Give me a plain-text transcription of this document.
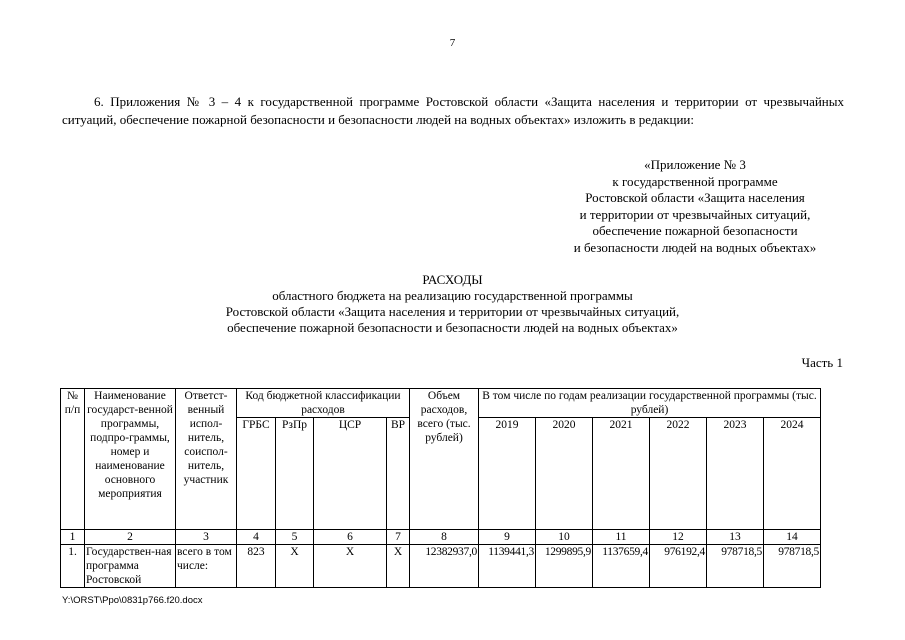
7

6. Приложения № 3 – 4 к государственной программе Ростовской области «Защита населения и территории от чрезвычайных ситуаций, обеспечение пожарной безопасности и безопасности людей на водных объектах» изложить в редакции:

«Приложение № 3
к государственной программе
Ростовской области «Защита населения
и территории от чрезвычайных ситуаций,
обеспечение пожарной безопасности
и безопасности людей на водных объектах»
РАСХОДЫ
областного бюджета на реализацию государственной программы
Ростовской области «Защита населения и территории от чрезвычайных ситуаций,
обеспечение пожарной безопасности и безопасности людей на водных объектах»
Часть 1
№ п/п	Наименование государст-венной программы, подпро-граммы, номер и наименование основного мероприятия	Ответст-венный испол-нитель, соиспол-нитель, участник	Код бюджетной классификации расходов				Объем расходов, всего (тыс. рублей)	В том числе по годам реализации государственной программы (тыс. рублей)					
			ГРБС	РзПр	ЦСР	ВР		2019	2020	2021	2022	2023	2024
1	2	3	4	5	6	7	8	9	10	11	12	13	14
1.	Государствен-ная программа Ростовской	всего в том числе:	823	Х	Х	Х	12382937,0	1139441,3	1299895,9	1137659,4	976192,4	978718,5	978718,5
Y:\ORST\Ppo\0831p766.f20.docx
